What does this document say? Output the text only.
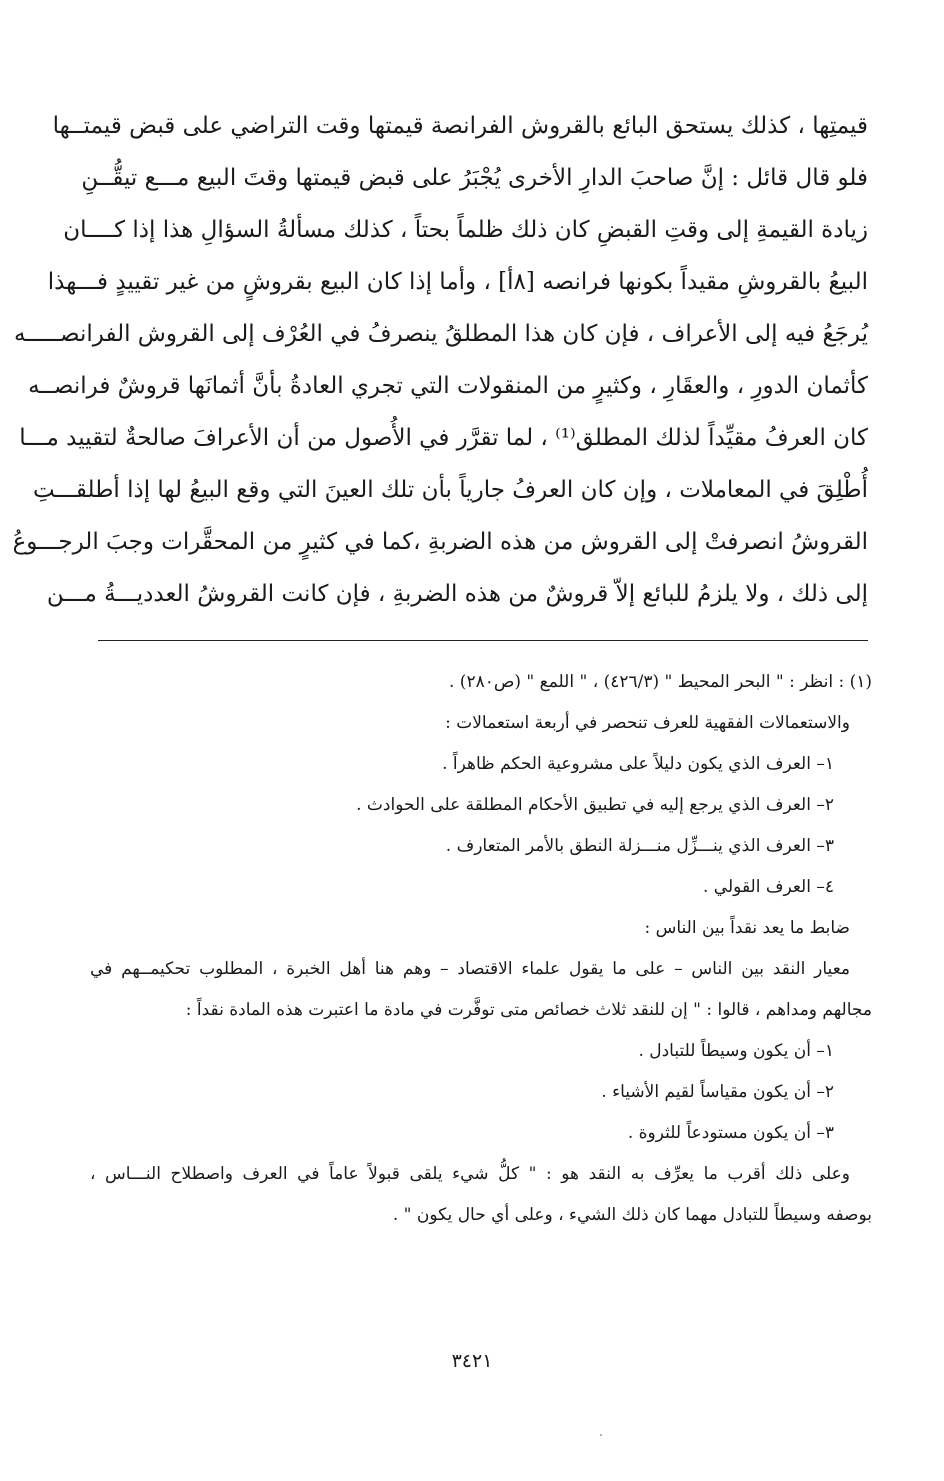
قيمتِها ، كذلك يستحق البائع بالقروش الفرانصة قيمتها وقت التراضي على قبض قيمتــها
فلو قال قائل : إنَّ صاحبَ الدارِ الأخرى يُجْبَرُ على قبض قيمتها وقتَ البيع مـــع تيقُّــنِ
زيادة القيمةِ إلى وقتِ القبضِ كان ذلك ظلماً بحتاً ، كذلك مسألةُ السؤالِ هذا إذا كــــان
البيعُ بالقروشِ مقيداً بكونها فرانصه [٨أ] ، وأما إذا كان البيع بقروشٍ من غير تقييدٍ فـــهذا
يُرجَعُ فيه إلى الأعراف ، فإن كان هذا المطلقُ ينصرفُ في العُرْف إلى القروش الفرانصـــــه
كأثمان الدورِ ، والعقَارِ ، وكثيرٍ من المنقولات التي تجري العادةُ بأنَّ أثمانَها قروشٌ فرانصــه
كان العرفُ مقيِّداً لذلك المطلق⁽¹⁾ ، لما تقرَّر في الأُصول من أن الأعرافَ صالحةٌ لتقييد مـــا
أُطْلِقَ في المعاملات ، وإن كان العرفُ جارياً بأن تلك العينَ التي وقع البيعُ لها إذا أطلقـــتِ
القروشُ انصرفتْ إلى القروش من هذه الضربةِ ،كما في كثيرٍ من المحقَّرات وجبَ الرجـــوعُ
إلى ذلك ، ولا يلزمُ للبائع إلاّ قروشٌ من هذه الضربةِ ، فإن كانت القروشُ العدديـــةُ مـــن
(١) : انظر : " البحر المحيط " (٤٢٦/٣) ، " اللمع " (ص٢٨٠) .
والاستعمالات الفقهية للعرف تنحصر في أربعة استعمالات :
١– العرف الذي يكون دليلاً على مشروعية الحكم ظاهراً .
٢– العرف الذي يرجع إليه في تطبيق الأحكام المطلقة على الحوادث .
٣– العرف الذي ينـــزِّل منـــزلة النطق بالأمر المتعارف .
٤– العرف القولي .
ضابط ما يعد نقداً بين الناس :
معيار النقد بين الناس – على ما يقول علماء الاقتصاد – وهم هنا أهل الخبرة ، المطلوب تحكيمــهم في
مجالهم ومداهم ، قالوا : " إن للنقد ثلاث خصائص متى توفَّرت في مادة ما اعتبرت هذه المادة نقداً :
١– أن يكون وسيطاً للتبادل .
٢– أن يكون مقياساً لقيم الأشياء .
٣– أن يكون مستودعاً للثروة .
وعلى ذلك أقرب ما يعرِّف به النقد هو : " كلُّ شيء يلقى قبولاً عاماً في العرف واصطلاح النـــاس ،
بوصفه وسيطاً للتبادل مهما كان ذلك الشيء ، وعلى أي حال يكون " .
٣٤٢١
